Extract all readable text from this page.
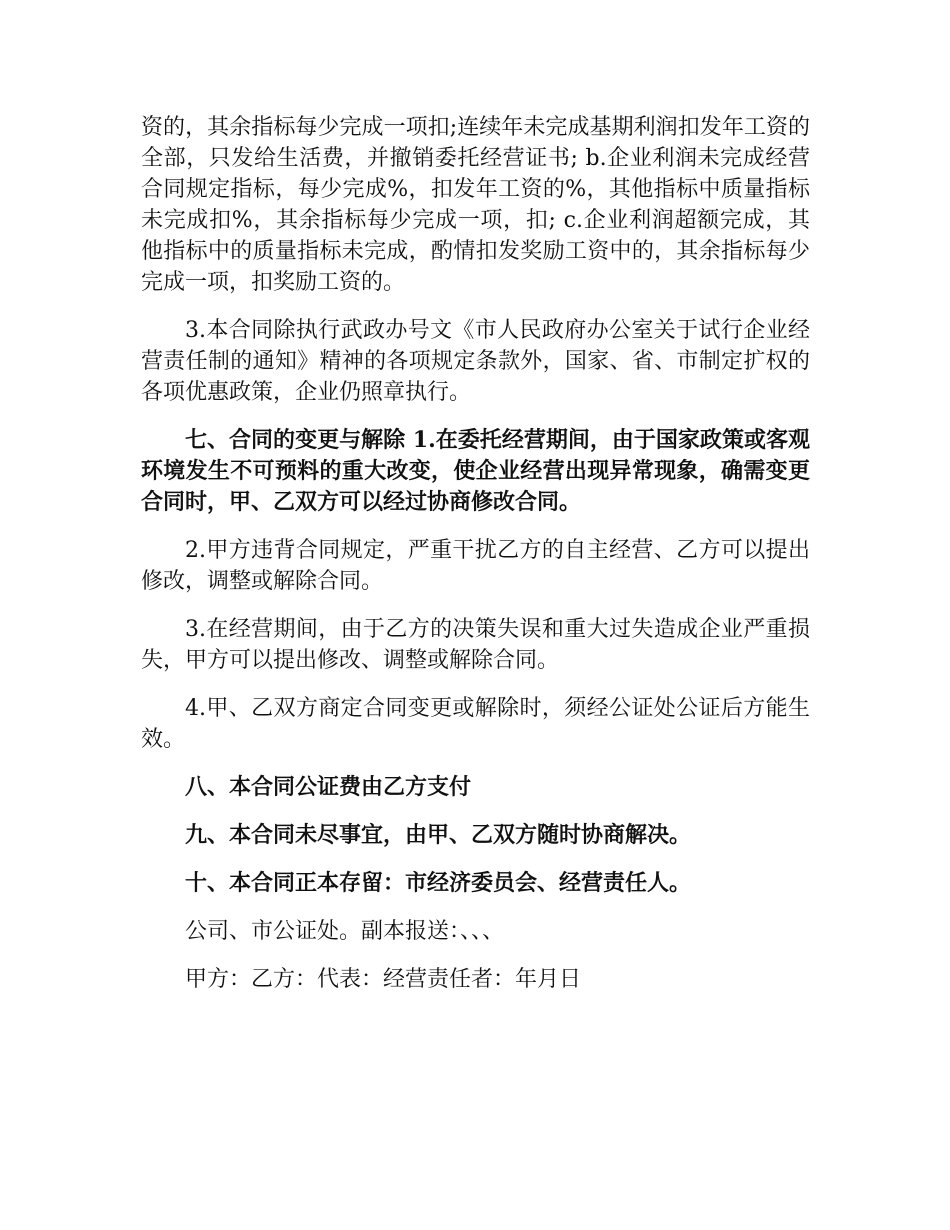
资的，其余指标每少完成一项扣;连续年未完成基期利润扣发年工资的全部，只发给生活费，并撤销委托经营证书; b.企业利润未完成经营合同规定指标，每少完成%，扣发年工资的%，其他指标中质量指标未完成扣%，其余指标每少完成一项，扣; c.企业利润超额完成，其他指标中的质量指标未完成，酌情扣发奖励工资中的，其余指标每少完成一项，扣奖励工资的。

3.本合同除执行武政办号文《市人民政府办公室关于试行企业经营责任制的通知》精神的各项规定条款外，国家、省、市制定扩权的各项优惠政策，企业仍照章执行。

七、合同的变更与解除 1.在委托经营期间，由于国家政策或客观环境发生不可预料的重大改变，使企业经营出现异常现象，确需变更合同时，甲、乙双方可以经过协商修改合同。

2.甲方违背合同规定，严重干扰乙方的自主经营、乙方可以提出修改，调整或解除合同。

3.在经营期间，由于乙方的决策失误和重大过失造成企业严重损失，甲方可以提出修改、调整或解除合同。

4.甲、乙双方商定合同变更或解除时，须经公证处公证后方能生效。

八、本合同公证费由乙方支付

九、本合同未尽事宜，由甲、乙双方随时协商解决。

十、本合同正本存留：市经济委员会、经营责任人。

公司、市公证处。副本报送：、、、

甲方：乙方：代表：经营责任者：年月日
